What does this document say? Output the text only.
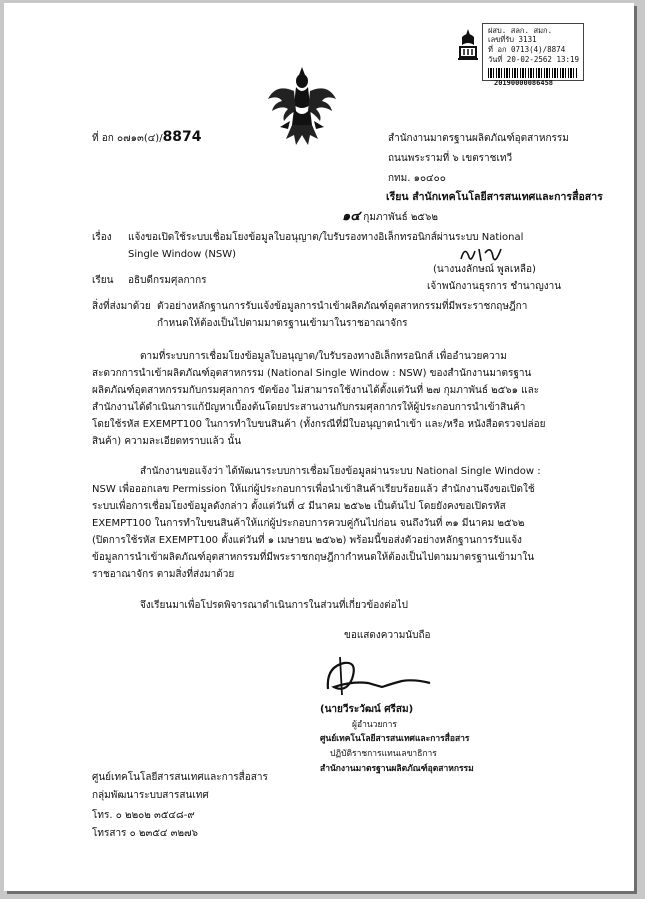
ฝสบ. สลก. สมก.
เลขที่รับ 3131
ที่ อก 0713(4)/8874
วันที่ 20-02-2562 13:19
20190000086458
ที่ อก ๐๗๑๓(๔)/8874	สำนักงานมาตรฐานผลิตภัณฑ์อุตสาหกรรม
ถนนพระรามที่ ๖ เขตราชเทวี
กทม. ๑๐๔๐๐
เรียน สำนักเทคโนโลยีสารสนเทศและการสื่อสาร
๑๔ กุมภาพันธ์ ๒๕๖๒
เรื่อง แจ้งขอเปิดใช้ระบบเชื่อมโยงข้อมูลใบอนุญาต/ใบรับรองทางอิเล็กทรอนิกส์ผ่านระบบ National
Single Window (NSW)
(นางนงลักษณ์ พูลเหลือ)
เจ้าพนักงานธุรการ ชำนาญงาน
เรียน อธิบดีกรมศุลกากร
สิ่งที่ส่งมาด้วย ตัวอย่างหลักฐานการรับแจ้งข้อมูลการนำเข้าผลิตภัณฑ์อุตสาหกรรมที่มีพระราชกฤษฎีกา
กำหนดให้ต้องเป็นไปตามมาตรฐานเข้ามาในราชอาณาจักร
ตามที่ระบบการเชื่อมโยงข้อมูลใบอนุญาต/ใบรับรองทางอิเล็กทรอนิกส์ เพื่ออำนวยความ
สะดวกการนำเข้าผลิตภัณฑ์อุตสาหกรรม (National Single Window : NSW) ของสำนักงานมาตรฐาน
ผลิตภัณฑ์อุตสาหกรรมกับกรมศุลกากร ขัดข้อง ไม่สามารถใช้งานได้ตั้งแต่วันที่ ๒๗ กุมภาพันธ์ ๒๕๖๑ และ
สำนักงานได้ดำเนินการแก้ปัญหาเบื้องต้นโดยประสานงานกับกรมศุลกากรให้ผู้ประกอบการนำเข้าสินค้า
โดยใช้รหัส EXEMPT100 ในการทำใบขนสินค้า (ทั้งกรณีที่มีใบอนุญาตนำเข้า และ/หรือ หนังสือตรวจปล่อย
สินค้า) ความละเอียดทราบแล้ว นั้น
สำนักงานขอแจ้งว่า ได้พัฒนาระบบการเชื่อมโยงข้อมูลผ่านระบบ National Single Window :
NSW เพื่อออกเลข Permission ให้แก่ผู้ประกอบการเพื่อนำเข้าสินค้าเรียบร้อยแล้ว สำนักงานจึงขอเปิดใช้
ระบบเพื่อการเชื่อมโยงข้อมูลดังกล่าว ตั้งแต่วันที่ ๔ มีนาคม ๒๕๖๒ เป็นต้นไป โดยยังคงขอเปิดรหัส
EXEMPT100 ในการทำใบขนสินค้าให้แก่ผู้ประกอบการควบคู่กันไปก่อน จนถึงวันที่ ๓๑ มีนาคม ๒๕๖๒
(ปิดการใช้รหัส EXEMPT100 ตั้งแต่วันที่ ๑ เมษายน ๒๕๖๒) พร้อมนี้ขอส่งตัวอย่างหลักฐานการรับแจ้ง
ข้อมูลการนำเข้าผลิตภัณฑ์อุตสาหกรรมที่มีพระราชกฤษฎีกากำหนดให้ต้องเป็นไปตามมาตรฐานเข้ามาใน
ราชอาณาจักร ตามสิ่งที่ส่งมาด้วย
จึงเรียนมาเพื่อโปรดพิจารณาดำเนินการในส่วนที่เกี่ยวข้องต่อไป
ขอแสดงความนับถือ
(นายวีระวัฒน์ ศรีสม)
ผู้อำนวยการ
ศูนย์เทคโนโลยีสารสนเทศและการสื่อสาร
ปฏิบัติราชการแทนเลขาธิการ
สำนักงานมาตรฐานผลิตภัณฑ์อุตสาหกรรม
ศูนย์เทคโนโลยีสารสนเทศและการสื่อสาร
กลุ่มพัฒนาระบบสารสนเทศ
โทร. ๐ ๒๒๐๒ ๓๕๔๘-๙
โทรสาร ๐ ๒๓๕๔ ๓๒๗๖
